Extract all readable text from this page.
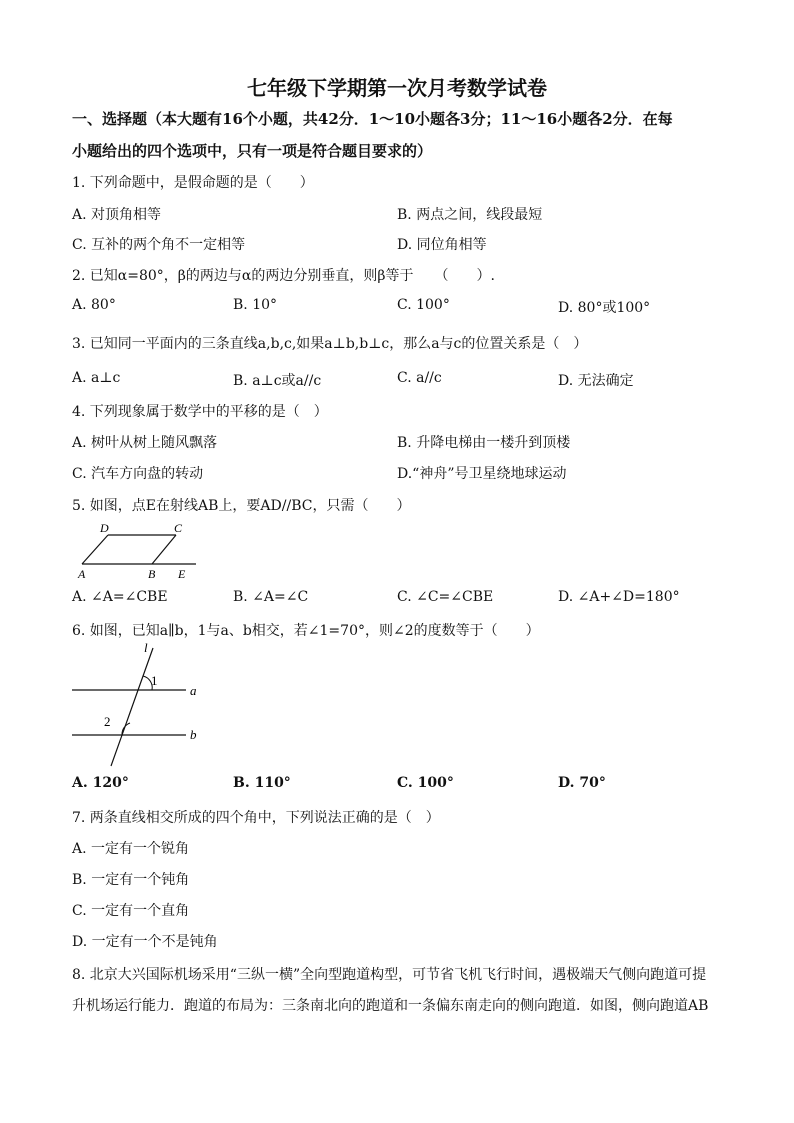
七年级下学期第一次月考数学试卷
一、选择题（本大题有16个小题，共42分．1～10小题各3分；11～16小题各2分．在每
小题给出的四个选项中，只有一项是符合题目要求的）
1. 下列命题中，是假命题的是（　　）
A. 对顶角相等	B. 两点之间，线段最短
C. 互补的两个角不一定相等	D. 同位角相等
2. 已知α=80°，β的两边与α的两边分别垂直，则β等于　　（　　）.
A. 80°	B. 10°	C. 100°	D. 80°或100°
3. 已知同一平面内的三条直线a,b,c,如果a⊥b,b⊥c，那么a与c的位置关系是（　）
A. a⊥c	B. a⊥c或a//c	C. a//c	D. 无法确定
4. 下列现象属于数学中的平移的是（　）
A. 树叶从树上随风飘落	B. 升降电梯由一楼升到顶楼
C. 汽车方向盘的转动	D.“神舟”号卫星绕地球运动
5. 如图，点E在射线AB上，要AD//BC，只需（　　）
D	C
A	B E
A. ∠A=∠CBE	B. ∠A=∠C	C. ∠C=∠CBE	D. ∠A+∠D=180°
6. 如图，已知a∥b，1与a、b相交，若∠1=70°，则∠2的度数等于（　　）
l
1
a
2
b
A. 120°	B. 110°	C. 100°	D. 70°
7. 两条直线相交所成的四个角中，下列说法正确的是（　）
A. 一定有一个锐角
B. 一定有一个钝角
C. 一定有一个直角
D. 一定有一个不是钝角
8. 北京大兴国际机场采用“三纵一横”全向型跑道构型，可节省飞机飞行时间，遇极端天气侧向跑道可提
升机场运行能力．跑道的布局为：三条南北向的跑道和一条偏东南走向的侧向跑道．如图，侧向跑道AB
